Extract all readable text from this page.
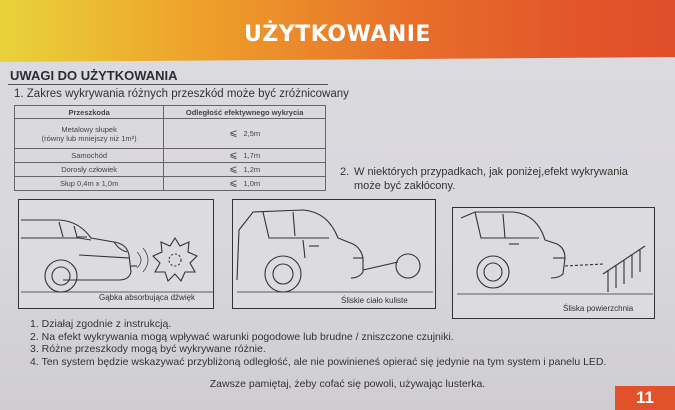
UŻYTKOWANIE
UWAGI DO UŻYTKOWANIA
1. Zakres wykrywania różnych przeszkód może być zróżnicowany
Przeszkoda	Odległość efektywnego wykrycia

Metalowy słupek
(równy lub mniejszy niż 1m²)	⩽ 2,5m
Samochód	⩽ 1,7m
Dorosły człowiek	⩽ 1,2m
Słup 0,4m x 1,0m	⩽ 1,0m
2. W niektórych przypadkach, jak poniżej,efekt wykrywania
może być zakłócony.
Gąbka absorbująca dźwięk	Śliskie ciało kuliste
Śliska powierzchnia
1. Działaj zgodnie z instrukcją.
2. Na efekt wykrywania mogą wpływać warunki pogodowe lub brudne / zniszczone czujniki.
3. Różne przeszkody mogą być wykrywane różnie.
4. Ten system będzie wskazywać przybliżoną odległość, ale nie powinieneś opierać się jedynie na tym system i panelu LED.
Zawsze pamiętaj, żeby cofać się powoli, używając lusterka.
11
